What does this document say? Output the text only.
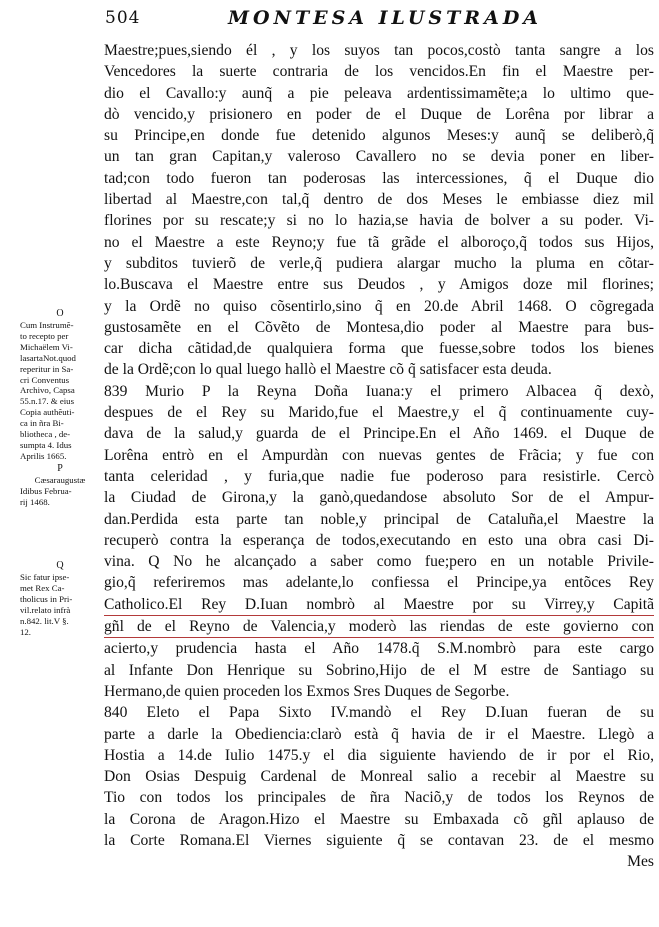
504	MONTESA ILUSTRADA
Maestre;pues,siendo él , y los suyos tan pocos,costò tanta sangre a los
Vencedores la suerte contraria de los vencidos.En fin el Maestre per-
dio el Cavallo:y aunq̃ a pie peleava ardentissimamẽte;a lo ultimo que-
dò vencido,y prisionero en poder de el Duque de Lorêna por librar a
su Principe,en donde fue detenido algunos Meses:y aunq̃ se deliberò,q̃
un tan gran Capitan,y valeroso Cavallero no se devia poner en liber-
tad;con todo fueron tan poderosas las intercessiones, q̃ el Duque dio
libertad al Maestre,con tal,q̃ dentro de dos Meses le embiasse diez mil
florines por su rescate;y si no lo hazia,se havia de bolver a su poder. Vi-
no el Maestre a este Reyno;y fue tã grãde el alboroço,q̃ todos sus Hijos,
y subditos tuvierõ de verle,q̃ pudiera alargar mucho la pluma en cõtar-
lo.Buscava el Maestre entre sus Deudos , y Amigos doze mil florines;
y la Ordẽ no quiso cõsentirlo,sino q̃ en 20.de Abril 1468. O cõgregada
gustosamẽte en el Cõvẽto de Montesa,dio poder al Maestre para bus-
car dicha cãtidad,de qualquiera forma que fuesse,sobre todos los bienes
de la Ordẽ;con lo qual luego hallò el Maestre cõ q̃ satisfacer esta deuda.
839 Murio P la Reyna Doña Iuana:y el primero Albacea q̃ dexò,
despues de el Rey su Marido,fue el Maestre,y el q̃ continuamente cuy-
dava de la salud,y guarda de el Principe.En el Año 1469. el Duque de
Lorêna entrò en el Ampurdàn con nuevas gentes de Frãcia; y fue con
tanta celeridad , y furia,que nadie fue poderoso para resistirle. Cercò
la Ciudad de Girona,y la ganò,quedandose absoluto Sor de el Ampur-
dan.Perdida esta parte tan noble,y principal de Cataluña,el Maestre la
recuperò contra la esperança de todos,executando en esto una obra casi Di-
vina. Q No he alcançado a saber como fue;pero en un notable Privile-
gio,q̃ referiremos mas adelante,lo confiessa el Principe,ya entõces Rey
Catholico.El Rey D.Iuan nombrò al Maestre por su Virrey,y Capitã
gñl de el Reyno de Valencia,y moderò las riendas de este govierno con
acierto,y prudencia hasta el Año 1478.q̃ S.M.nombrò para este cargo
al Infante Don Henrique su Sobrino,Hijo de el M estre de Santiago su
Hermano,de quien proceden los Exmos Sres Duques de Segorbe.
840 Eleto el Papa Sixto IV.mandò el Rey D.Iuan fueran de su
parte a darle la Obediencia:clarò està q̃ havia de ir el Maestre. Llegò a
Hostia a 14.de Iulio 1475.y el dia siguiente haviendo de ir por el Rio,
Don Osias Despuig Cardenal de Monreal salio a recebir al Maestre su
Tio con todos los principales de ñra Naciõ,y de todos los Reynos de
la Corona de Aragon.Hizo el Maestre su Embaxada cõ gñl aplauso de
la Corte Romana.El Viernes siguiente q̃ se contavan 23. de el mesmo
Mes
O
Cum Instrumẽ-
to recepto per
Michaëlem Vi-
lasartaNot.quod
reperitur in Sa-
cri Conventus
Archivo, Capsa
55.n.17. & eius
Copia authẽuti-
ca in ñra Bi-
bliotheca , de-
sumpta 4. Idus
Aprilis 1665.
P
Cæsaraugustæ
Idibus Februa-
rij 1468.
Q
Sic fatur ipse-
met Rex Ca-
tholicus in Pri-
vil.relato infrà
n.842. lit.V §.
12.
